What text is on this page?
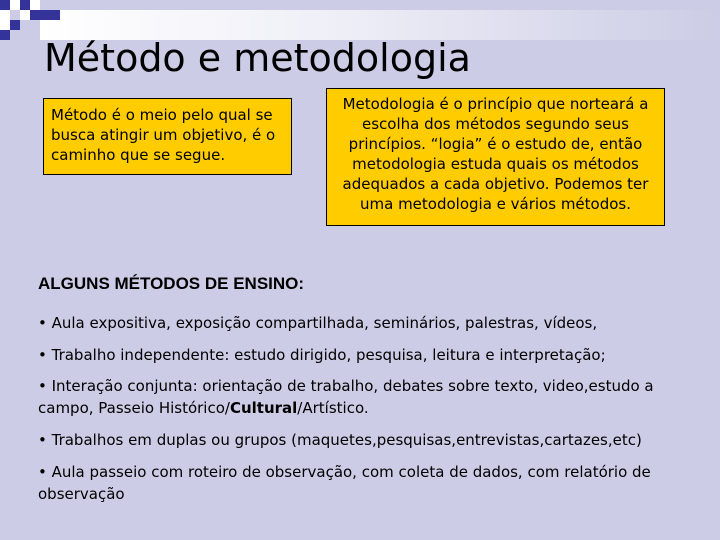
Método e metodologia
Método é o meio pelo qual se busca atingir um objetivo, é o caminho que se segue.
Metodologia é o princípio que norteará a escolha dos métodos segundo seus princípios. “logia” é o estudo de, então metodologia estuda quais os métodos adequados a cada objetivo. Podemos ter uma metodologia e vários métodos.
ALGUNS MÉTODOS DE ENSINO:
• Aula expositiva, exposição compartilhada, seminários, palestras, vídeos,
• Trabalho independente: estudo dirigido, pesquisa, leitura e interpretação;
• Interação conjunta: orientação de trabalho, debates sobre texto, video,estudo a campo, Passeio Histórico/Cultural/Artístico.
• Trabalhos em duplas ou grupos (maquetes,pesquisas,entrevistas,cartazes,etc)
• Aula passeio com roteiro de observação, com coleta de dados, com relatório de observação
